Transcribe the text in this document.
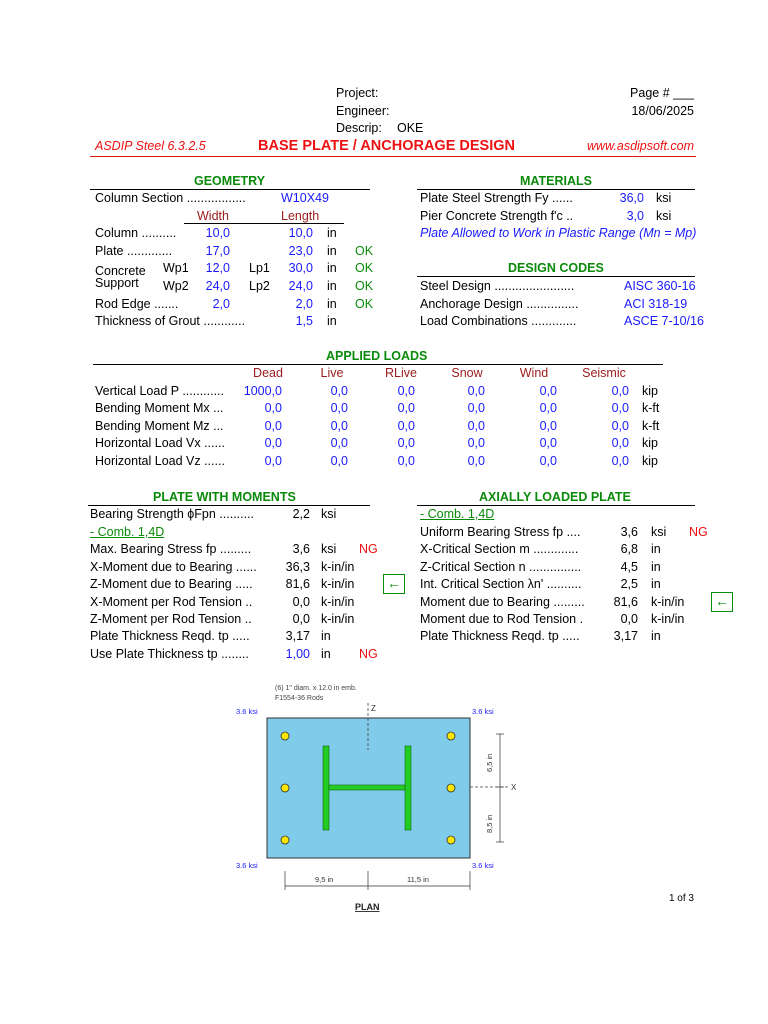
Project:
Engineer:
Descrip: OKE
Page # ___
18/06/2025
ASDIP Steel 6.3.2.5	BASE PLATE / ANCHORAGE DESIGN	www.asdipsoft.com
GEOMETRY
Column Section .................	W10X49
Width	Length
Column .......... 10,0	10,0 in
Plate .............	17,0	23,0 in OK
Concrete
Support
Wp1 12,0 Lp1 30,0 in OK
Wp2 24,0 Lp2 24,0 in OK
Rod Edge .......	2,0	2,0 in OK
Thickness of Grout ............	1,5 in
MATERIALS
Plate Steel Strength Fy ......	36,0 ksi
Pier Concrete Strength f'c ..	3,0 ksi
Plate Allowed to Work in Plastic Range (Mn = Mp)
DESIGN CODES
Steel Design .......................	AISC 360-16
Anchorage Design ...............	ACI 318-19
Load Combinations .............	ASCE 7-10/16
APPLIED LOADS
Dead	Live	RLive	Snow	Wind	Seismic
Vertical Load P ............ 1000,0	0,0	0,0	0,0	0,0	0,0 kip
Bending Moment Mx ...	0,0	0,0	0,0	0,0	0,0	0,0 k-ft
Bending Moment Mz ...	0,0	0,0	0,0	0,0	0,0	0,0 k-ft
Horizontal Load Vx ......	0,0	0,0	0,0	0,0	0,0	0,0 kip
Horizontal Load Vz ......	0,0	0,0	0,0	0,0	0,0	0,0 kip
PLATE WITH MOMENTS
Bearing Strength ϕFpn ..........	2,2 ksi
- Comb. 1,4D
Max. Bearing Stress fp .........	3,6 ksi NG
X-Moment due to Bearing ...... 36,3 k-in/in
Z-Moment due to Bearing .....	81,6 k-in/in ←
X-Moment per Rod Tension ..	0,0 k-in/in
Z-Moment per Rod Tension ..	0,0 k-in/in
Plate Thickness Reqd. tp .....	3,17 in
Use Plate Thickness tp ........	1,00 in NG
AXIALLY LOADED PLATE
- Comb. 1,4D
Uniform Bearing Stress fp ....	3,6 ksi NG
X-Critical Section m .............	6,8 in
Z-Critical Section n ...............	4,5 in
Int. Critical Section λn' ..........	2,5 in
Moment due to Bearing ......... 81,6 k-in/in ←
Moment due to Rod Tension .	0,0 k-in/in
Plate Thickness Reqd. tp .....	3,17 in
(6) 1" diam. x 12.0 in emb.
F1554-36 Rods
Z
X
3.6 ksi	3.6 ksi
3.6 ksi	3.6 ksi
6,5 in
8,5 in
9,5 in	11,5 in
PLAN
1 of 3
